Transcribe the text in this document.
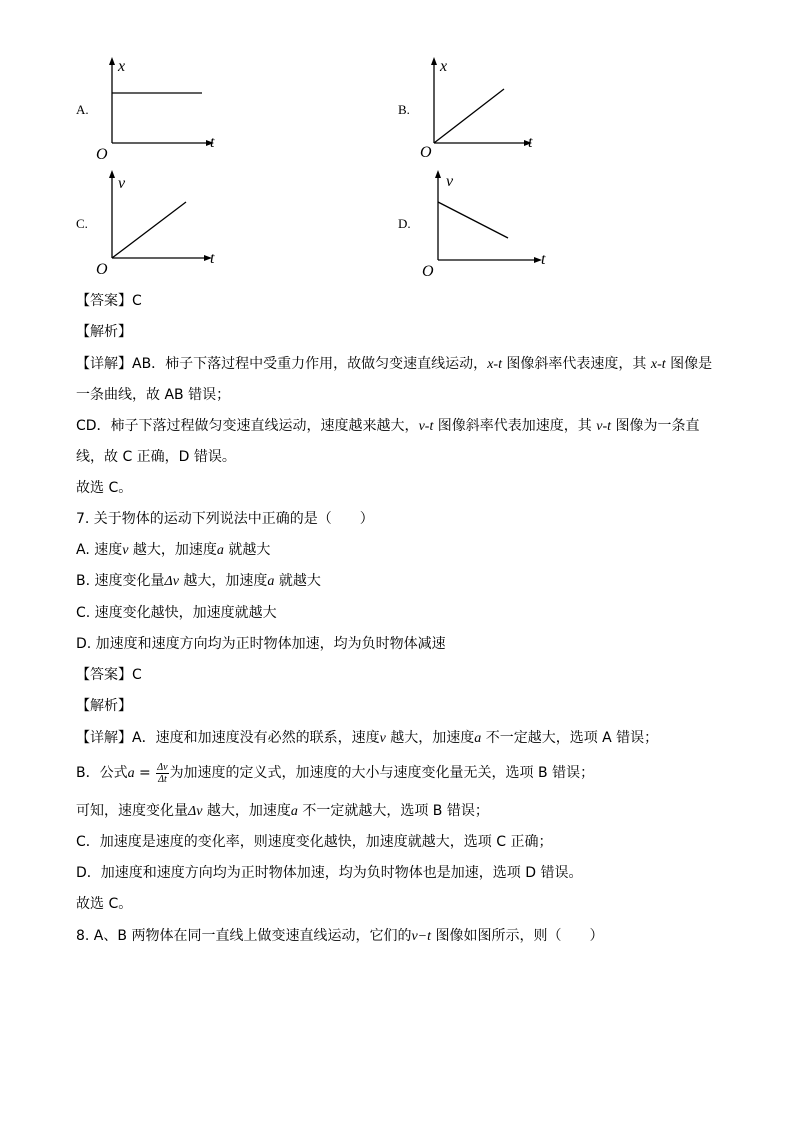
A.
x
t
O
B.
x
t
O
C.
v
t
O
D.
v
t
O
【答案】C
【解析】
【详解】AB．柿子下落过程中受重力作用，故做匀变速直线运动，x-t 图像斜率代表速度，其 x-t 图像是
一条曲线，故 AB 错误；
CD．柿子下落过程做匀变速直线运动，速度越来越大，v-t 图像斜率代表加速度，其 v-t 图像为一条直
线，故 C 正确，D 错误。
故选 C。
7. 关于物体的运动下列说法中正确的是（　　）
A. 速度v 越大，加速度a 就越大
B. 速度变化量Δv 越大，加速度a 就越大
C. 速度变化越快，加速度就越大
D. 加速度和速度方向均为正时物体加速，均为负时物体减速
【答案】C
【解析】
【详解】A．速度和加速度没有必然的联系，速度v 越大，加速度a 不一定越大，选项 A 错误；
B．公式$a = \frac{\Delta v}{\Delta t}$ 为加速度的定义式，加速度的大小与速度变化量无关，选项 B 错误；
可知，速度变化量Δv 越大，加速度a 不一定就越大，选项 B 错误；
C．加速度是速度的变化率，则速度变化越快，加速度就越大，选项 C 正确；
D．加速度和速度方向均为正时物体加速，均为负时物体也是加速，选项 D 错误。
故选 C。
8. A、B 两物体在同一直线上做变速直线运动，它们的v−t 图像如图所示，则（　　）
